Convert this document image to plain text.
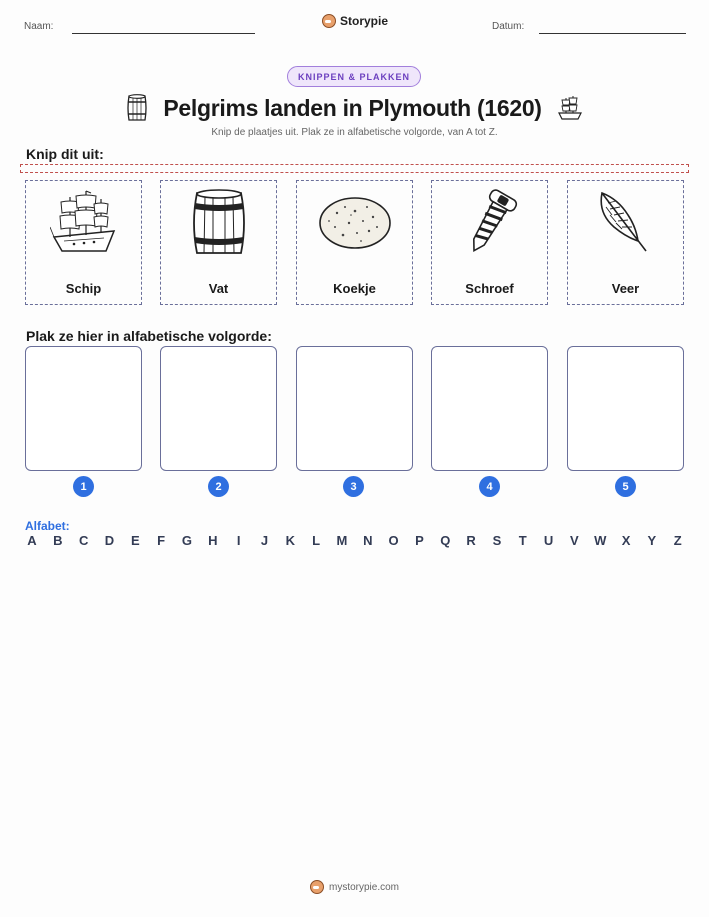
Naam:	Storypie	Datum:
KNIPPEN & PLAKKEN
Pelgrims landen in Plymouth (1620)
Knip de plaatjes uit. Plak ze in alfabetische volgorde, van A tot Z.
Knip dit uit:
Schip	Vat	Koekje	Schroef	Veer
Plak ze hier in alfabetische volgorde:
1	2	3	4	5
Alfabet:
A B C D E F G H	I	J K L M N O P Q R S T U V W X Y Z
mystorypie.com
